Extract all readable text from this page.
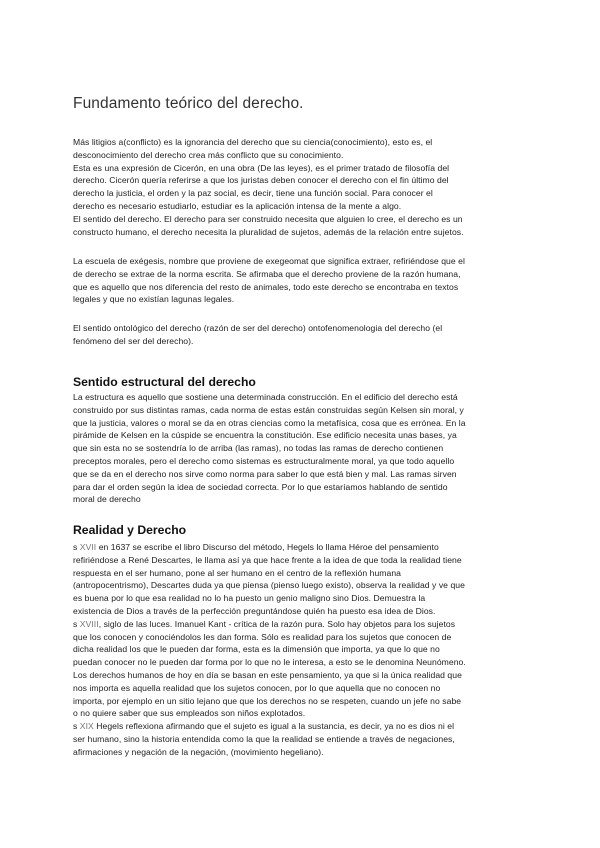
Fundamento teórico del derecho.
Más litigios a(conflicto) es la ignorancia del derecho que su ciencia(conocimiento), esto es, el
desconocimiento del derecho crea más conflicto que su conocimiento.
Esta es una expresión de Cicerón, en una obra (De las leyes), es el primer tratado de filosofía del
derecho. Cicerón quería referirse a que los juristas deben conocer el derecho con el fin último del
derecho la justicia, el orden y la paz social, es decir, tiene una función social. Para conocer el
derecho es necesario estudiarlo, estudiar es la aplicación intensa de la mente a algo.
El sentido del derecho. El derecho para ser construido necesita que alguien lo cree, el derecho es un
constructo humano, el derecho necesita la pluralidad de sujetos, además de la relación entre sujetos.
La escuela de exégesis, nombre que proviene de exegeomat que significa extraer, refiriéndose que el
de derecho se extrae de la norma escrita. Se afirmaba que el derecho proviene de la razón humana,
que es aquello que nos diferencia del resto de animales, todo este derecho se encontraba en textos
legales y que no existían lagunas legales.
El sentido ontológico del derecho (razón de ser del derecho) ontofenomenologia del derecho (el
fenómeno del ser del derecho).
Sentido estructural del derecho
La estructura es aquello que sostiene una determinada construcción. En el edificio del derecho está
construido por sus distintas ramas, cada norma de estas están construidas según Kelsen sin moral, y
que la justicia, valores o moral se da en otras ciencias como la metafísica, cosa que es errónea. En la
pirámide de Kelsen en la cúspide se encuentra la constitución. Ese edificio necesita unas bases, ya
que sin esta no se sostendría lo de arriba (las ramas), no todas las ramas de derecho contienen
preceptos morales, pero el derecho como sistemas es estructuralmente moral, ya que todo aquello
que se da en el derecho nos sirve como norma para saber lo que está bien y mal. Las ramas sirven
para dar el orden según la idea de sociedad correcta. Por lo que estaríamos hablando de sentido
moral de derecho
Realidad y Derecho
s XVII en 1637 se escribe el libro Discurso del método, Hegels lo llama Héroe del pensamiento
refiriéndose a René Descartes, le llama así ya que hace frente a la idea de que toda la realidad tiene
respuesta en el ser humano, pone al ser humano en el centro de la reflexión humana
(antropocentrismo), Descartes duda ya que piensa (pienso luego existo), observa la realidad y ve que
es buena por lo que esa realidad no lo ha puesto un genio maligno sino Dios. Demuestra la
existencia de Dios a través de la perfección preguntándose quién ha puesto esa idea de Dios.
s XVIII, siglo de las luces. Imanuel Kant - crítica de la razón pura. Solo hay objetos para los sujetos
que los conocen y conociéndolos les dan forma. Sólo es realidad para los sujetos que conocen de
dicha realidad los que le pueden dar forma, esta es la dimensión que importa, ya que lo que no
puedan conocer no le pueden dar forma por lo que no le interesa, a esto se le denomina Neunómeno.
Los derechos humanos de hoy en día se basan en este pensamiento, ya que si la única realidad que
nos importa es aquella realidad que los sujetos conocen, por lo que aquella que no conocen no
importa, por ejemplo en un sitio lejano que que los derechos no se respeten, cuando un jefe no sabe
o no quiere saber que sus empleados son niños explotados.
s XIX Hegels reflexiona afirmando que el sujeto es igual a la sustancia, es decir, ya no es dios ni el
ser humano, sino la historia entendida como la que la realidad se entiende a través de negaciones,
afirmaciones y negación de la negación, (movimiento hegeliano).
